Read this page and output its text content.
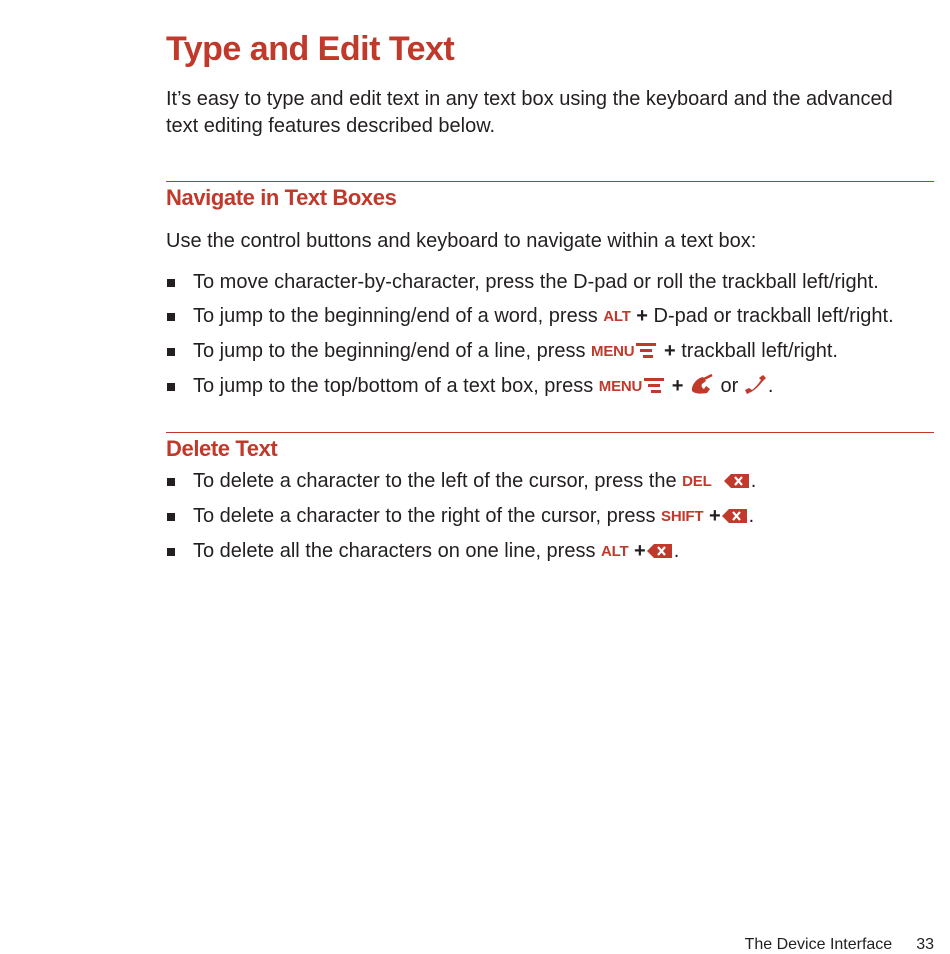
Type and Edit Text

It’s easy to type and edit text in any text box using the keyboard and the advanced text editing features described below.

Navigate in Text Boxes

Use the control buttons and keyboard to navigate within a text box:

To move character-by-character, press the D-pad or roll the trackball left/right.
To jump to the beginning/end of a word, press ALT + D-pad or trackball left/right.
To jump to the beginning/end of a line, press MENU + trackball left/right.
To jump to the top/bottom of a text box, press MENU +  or .
Delete Text
To delete a character to the left of the cursor, press the DEL .
To delete a character to the right of the cursor, press SHIFT + .
To delete all the characters on one line, press ALT + .
The Device Interface 33
